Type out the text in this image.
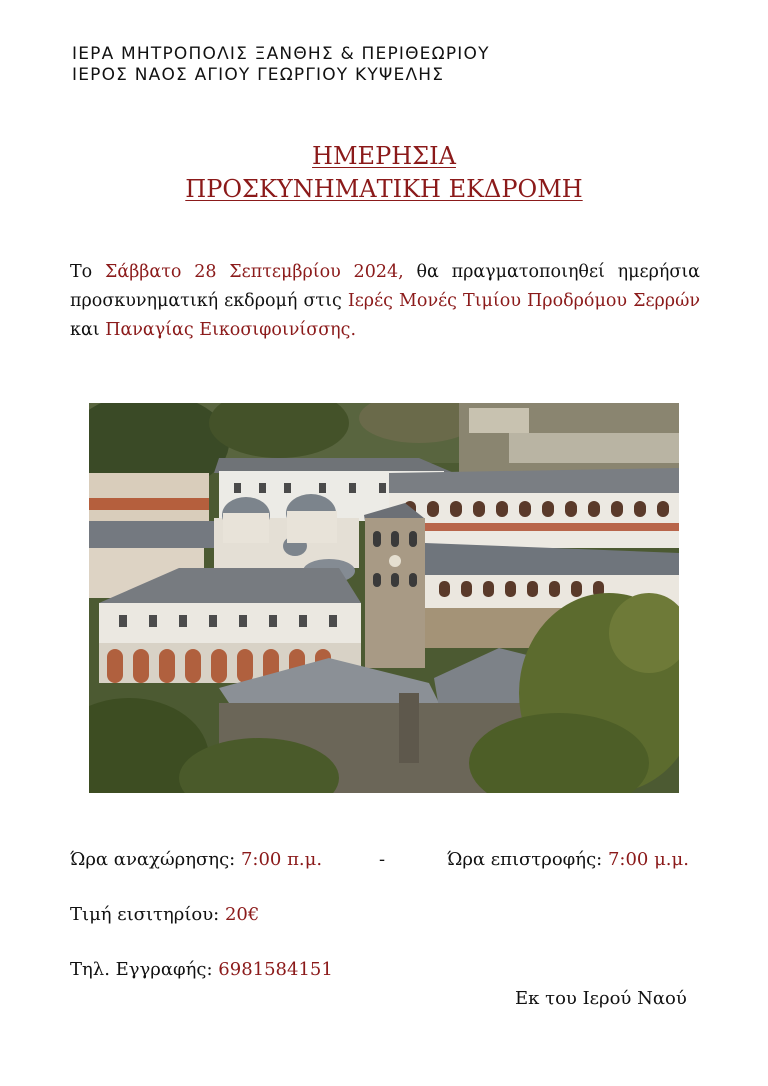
ΙΕΡΑ ΜΗΤΡΟΠΟΛΙΣ ΞΑΝΘΗΣ & ΠΕΡΙΘΕΩΡΙΟΥ
ΙΕΡΟΣ ΝΑΟΣ ΑΓΙΟΥ ΓΕΩΡΓΙΟΥ ΚΥΨΕΛΗΣ
ΗΜΕΡΗΣΙΑ
ΠΡΟΣΚΥΝΗΜΑΤΙΚΗ ΕΚΔΡΟΜΗ
Το Σάββατο 28 Σεπτεμβρίου 2024, θα πραγματοποιηθεί ημερήσια προσκυνηματική εκδρομή στις Ιερές Μονές Τιμίου Προδρόμου Σερρών και Παναγίας Εικοσιφοινίσσης.
Ώρα αναχώρησης: 7:00 π.μ.	-	Ώρα επιστροφής: 7:00 μ.μ.
Τιμή εισιτηρίου: 20€
Τηλ. Εγγραφής: 6981584151
Εκ του Ιερού Ναού
